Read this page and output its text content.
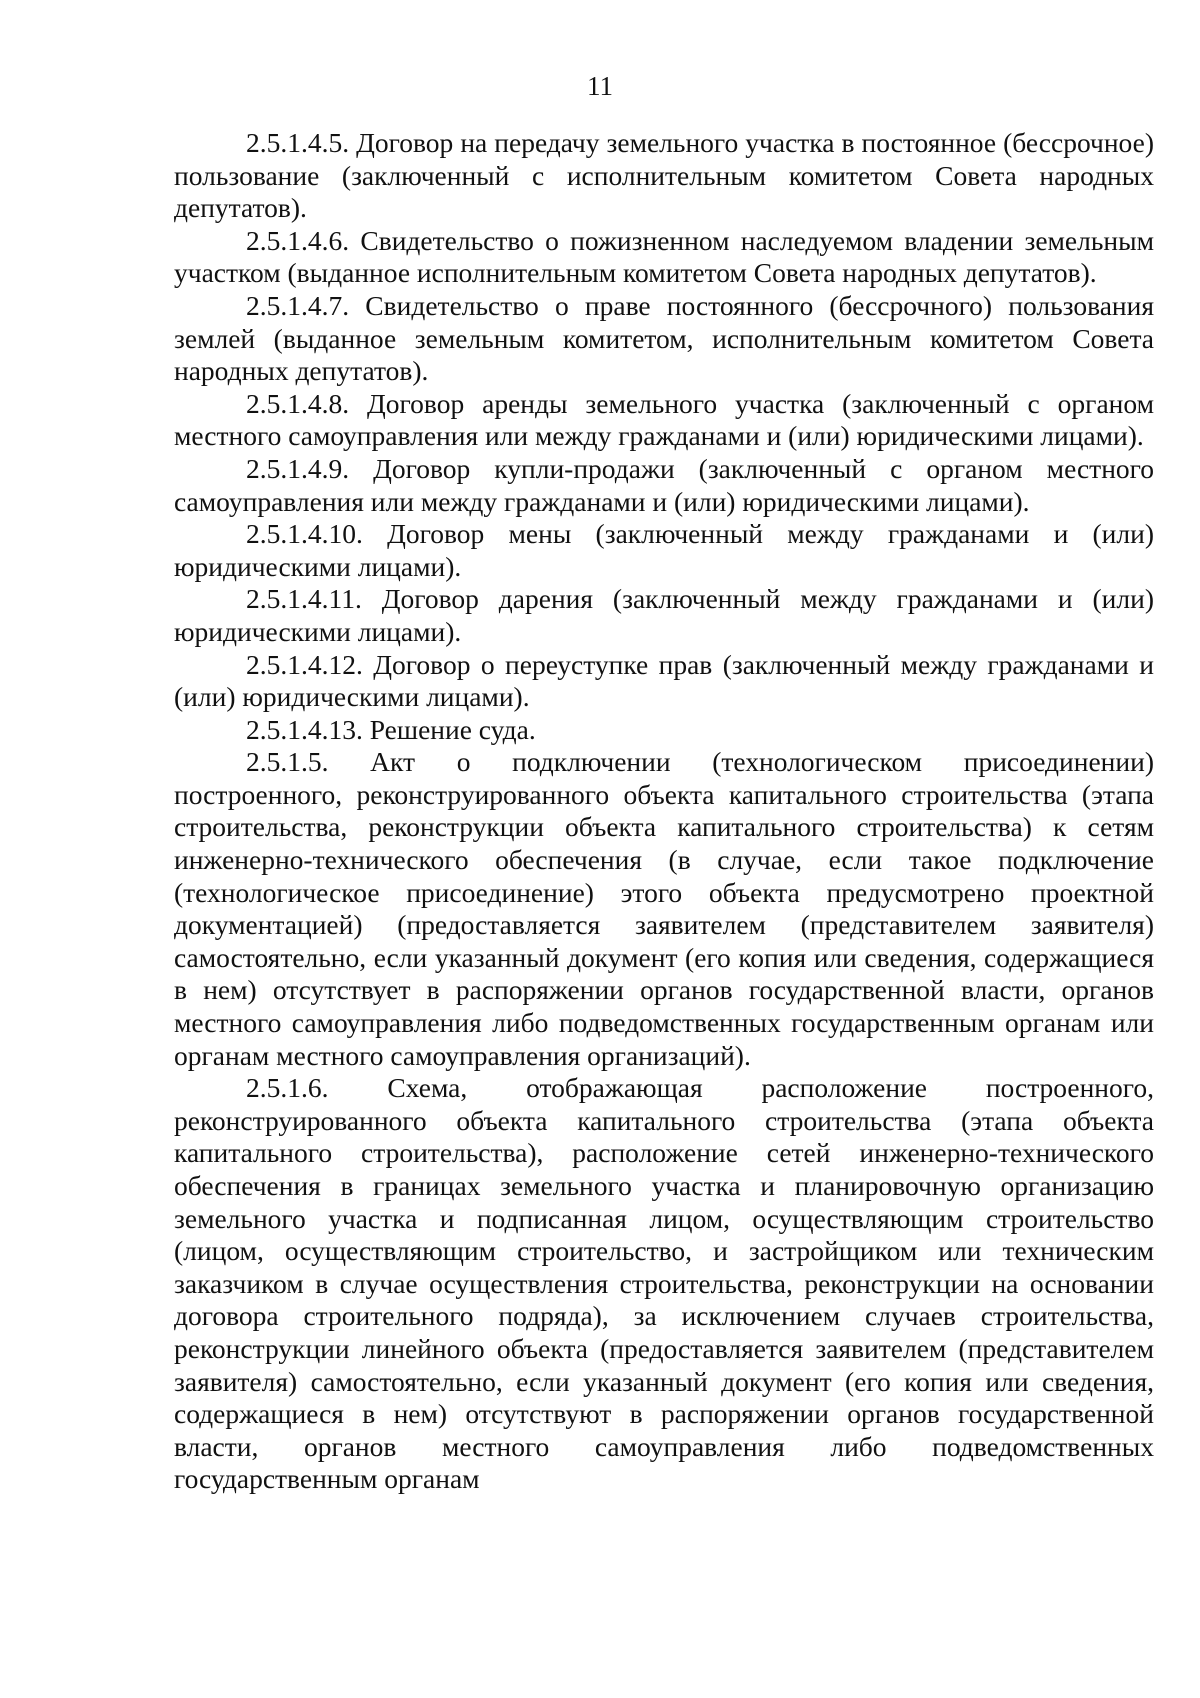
11

2.5.1.4.5. Договор на передачу земельного участка в постоянное (бессрочное) пользование (заключенный с исполнительным комитетом Совета народных депутатов).

2.5.1.4.6. Свидетельство о пожизненном наследуемом владении земельным участком (выданное исполнительным комитетом Совета народных депутатов).

2.5.1.4.7. Свидетельство о праве постоянного (бессрочного) пользования землей (выданное земельным комитетом, исполнительным комитетом Совета народных депутатов).

2.5.1.4.8. Договор аренды земельного участка (заключенный с органом местного самоуправления или между гражданами и (или) юридическими лицами).

2.5.1.4.9. Договор купли-продажи (заключенный с органом местного самоуправления или между гражданами и (или) юридическими лицами).

2.5.1.4.10. Договор мены (заключенный между гражданами и (или) юридическими лицами).

2.5.1.4.11. Договор дарения (заключенный между гражданами и (или) юридическими лицами).

2.5.1.4.12. Договор о переуступке прав (заключенный между гражданами и (или) юридическими лицами).

2.5.1.4.13. Решение суда.

2.5.1.5. Акт о подключении (технологическом присоединении) построенного, реконструированного объекта капитального строительства (этапа строительства, реконструкции объекта капитального строительства) к сетям инженерно-технического обеспечения (в случае, если такое подключение (технологическое присоединение) этого объекта предусмотрено проектной документацией) (предоставляется заявителем (представителем заявителя) самостоятельно, если указанный документ (его копия или сведения, содержащиеся в нем) отсутствует в распоряжении органов государственной власти, органов местного самоуправления либо подведомственных государственным органам или органам местного самоуправления организаций).

2.5.1.6. Схема, отображающая расположение построенного, реконструированного объекта капитального строительства (этапа объекта капитального строительства), расположение сетей инженерно-технического обеспечения в границах земельного участка и планировочную организацию земельного участка и подписанная лицом, осуществляющим строительство (лицом, осуществляющим строительство, и застройщиком или техническим заказчиком в случае осуществления строительства, реконструкции на основании договора строительного подряда), за исключением случаев строительства, реконструкции линейного объекта (предоставляется заявителем (представителем заявителя) самостоятельно, если указанный документ (его копия или сведения, содержащиеся в нем) отсутствуют в распоряжении органов государственной власти, органов местного самоуправления либо подведомственных государственным органам
